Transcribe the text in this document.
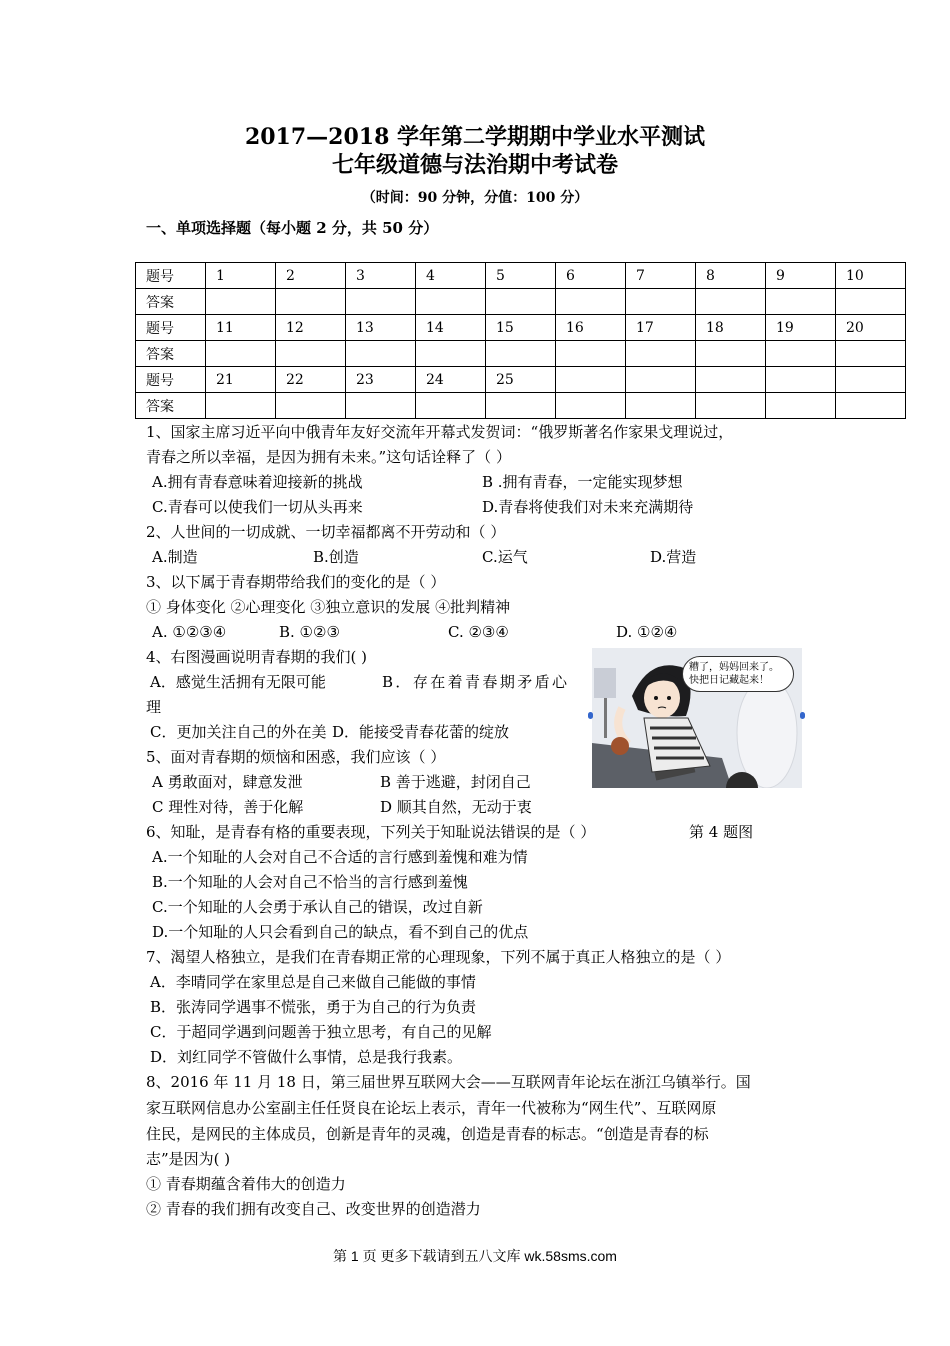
2017—2018 学年第二学期期中学业水平测试
七年级道德与法治期中考试卷
（时间：90 分钟，分值：100 分）
一、单项选择题（每小题 2 分，共 50 分）
题号	1	2	3	4	5	6	7	8	9	10
答案										
题号	11	12	13	14	15	16	17	18	19	20
答案										
题号	21	22	23	24	25					
答案										
1、国家主席习近平向中俄青年友好交流年开幕式发贺词：“俄罗斯著名作家果戈理说过，
青春之所以幸福，是因为拥有未来。”这句话诠释了（ ）
A.拥有青春意味着迎接新的挑战	B .拥有青春，一定能实现梦想
C.青春可以使我们一切从头再来	D.青春将使我们对未来充满期待
2、人世间的一切成就、一切幸福都离不开劳动和（ ）
A.制造	B.创造	C.运气	D.营造
3、以下属于青春期带给我们的变化的是（ ）
① 身体变化 ②心理变化 ③独立意识的发展 ④批判精神
A. ①②③④	B. ①②③	C. ②③④	D. ①②④
4、右图漫画说明青春期的我们( )
A．感觉生活拥有无限可能	B．存在着青春期矛盾心
理
C．更加关注自己的外在美 D．能接受青春花蕾的绽放
糟了，妈妈回来了。快把日记藏起来！
5、面对青春期的烦恼和困惑，我们应该（ ）
A 勇敢面对，肆意发泄	B 善于逃避，封闭自己
C 理性对待，善于化解	D 顺其自然，无动于衷
6、知耻，是青春有格的重要表现，下列关于知耻说法错误的是（ ）	第 4 题图
A.一个知耻的人会对自己不合适的言行感到羞愧和难为情
B.一个知耻的人会对自己不恰当的言行感到羞愧
C.一个知耻的人会勇于承认自己的错误，改过自新
D.一个知耻的人只会看到自己的缺点，看不到自己的优点
7、渴望人格独立，是我们在青春期正常的心理现象，下列不属于真正人格独立的是（ ）
A．李晴同学在家里总是自己来做自己能做的事情
B．张涛同学遇事不慌张，勇于为自己的行为负责
C．于超同学遇到问题善于独立思考，有自己的见解
D．刘红同学不管做什么事情，总是我行我素。
8、2016 年 11 月 18 日，第三届世界互联网大会——互联网青年论坛在浙江乌镇举行。国
家互联网信息办公室副主任任贤良在论坛上表示，青年一代被称为“网生代”、互联网原
住民，是网民的主体成员，创新是青年的灵魂，创造是青春的标志。“创造是青春的标
志”是因为( )
① 青春期蕴含着伟大的创造力
② 青春的我们拥有改变自己、改变世界的创造潜力
第 1 页 更多下载请到五八文库 wk.58sms.com
